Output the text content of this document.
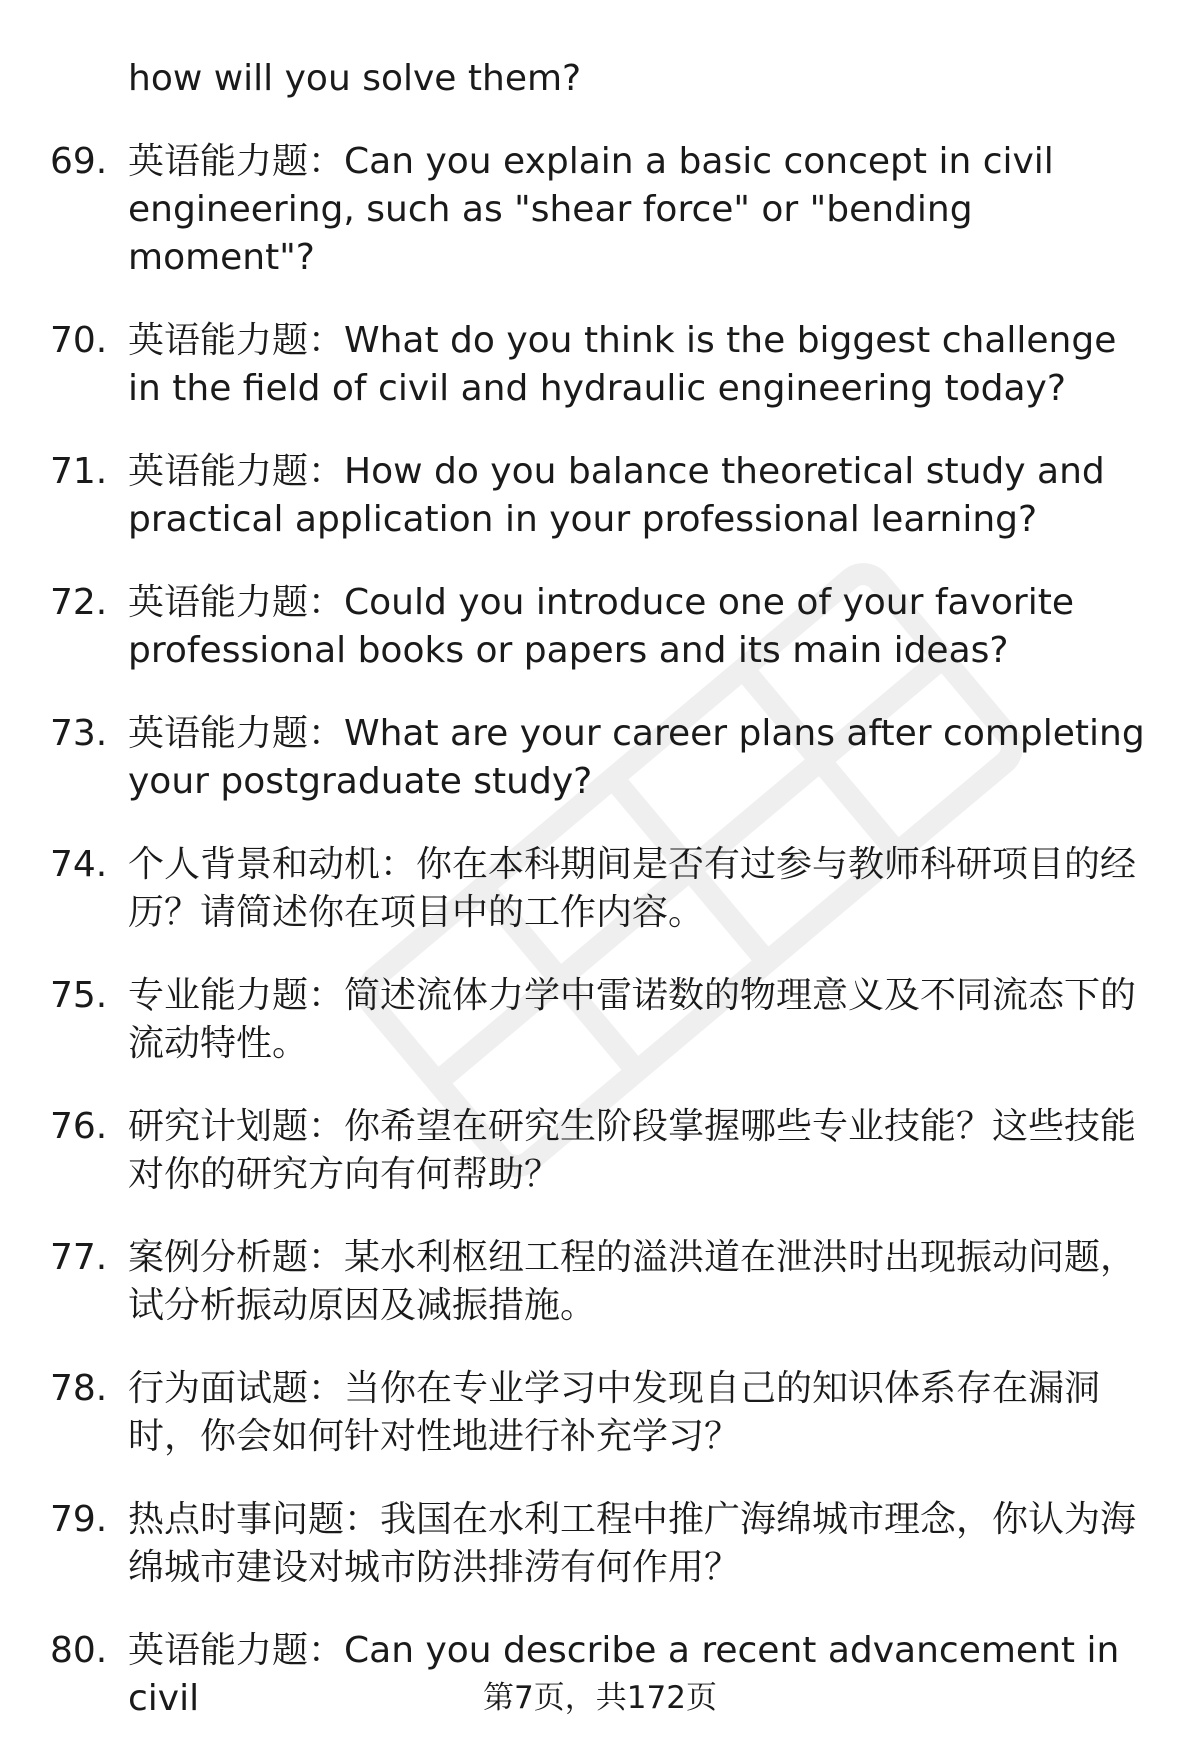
how will you solve them?
69. 英语能力题：Can you explain a basic concept in civil engineering, such as "shear force" or "bending moment"?
70. 英语能力题：What do you think is the biggest challenge in the field of civil and hydraulic engineering today?
71. 英语能力题：How do you balance theoretical study and practical application in your professional learning?
72. 英语能力题：Could you introduce one of your favorite professional books or papers and its main ideas?
73. 英语能力题：What are your career plans after completing your postgraduate study?
74. 个人背景和动机：你在本科期间是否有过参与教师科研项目的经历？请简述你在项目中的工作内容。
75. 专业能力题：简述流体力学中雷诺数的物理意义及不同流态下的流动特性。
76. 研究计划题：你希望在研究生阶段掌握哪些专业技能？这些技能对你的研究方向有何帮助？
77. 案例分析题：某水利枢纽工程的溢洪道在泄洪时出现振动问题，试分析振动原因及减振措施。
78. 行为面试题：当你在专业学习中发现自己的知识体系存在漏洞时，你会如何针对性地进行补充学习？
79. 热点时事问题：我国在水利工程中推广海绵城市理念，你认为海绵城市建设对城市防洪排涝有何作用？
80. 英语能力题：Can you describe a recent advancement in civil	第7页，共172页
